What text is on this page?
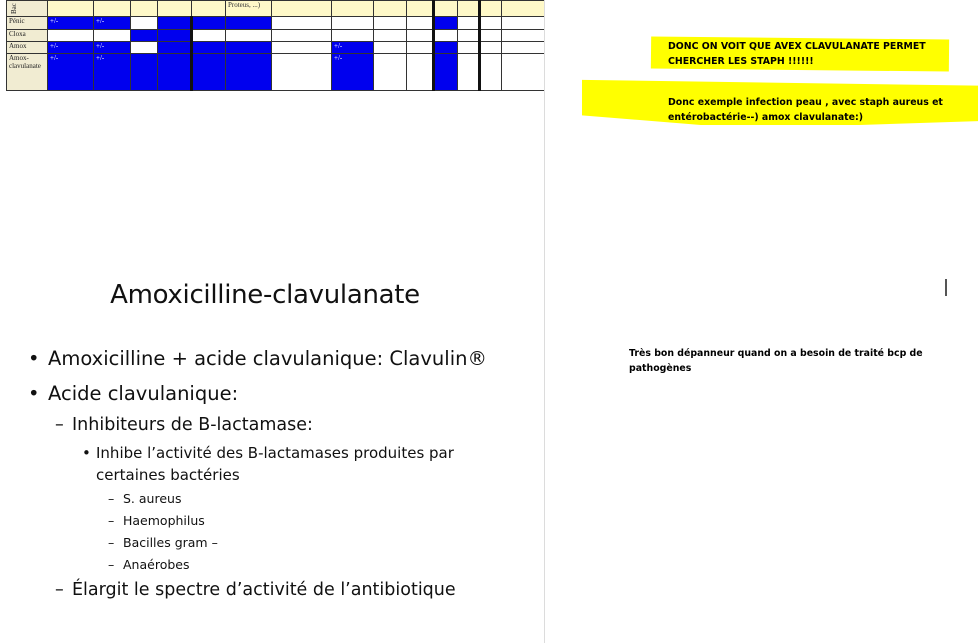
Bac						Proteus, ...)								
Pénic	+/-	+/-												
Cloxa														
Amox	+/-	+/-						+/-						
Amox-clavulanate	+/-	+/-						+/-						
Amoxicilline-clavulanate
• Amoxicilline + acide clavulanique: Clavulin®
• Acide clavulanique:
– Inhibiteurs de B-lactamase:
• Inhibe l’activité des B-lactamases produites par
certaines bactéries
– S. aureus
– Haemophilus
– Bacilles gram –
– Anaérobes
– Élargit le spectre d’activité de l’antibiotique
DONC ON VOIT QUE AVEX CLAVULANATE PERMET
CHERCHER LES STAPH !!!!!!
Donc exemple infection peau , avec staph aureus et
entérobactérie--) amox clavulanate:)
Très bon dépanneur quand on a besoin de traité bcp de
pathogènes
